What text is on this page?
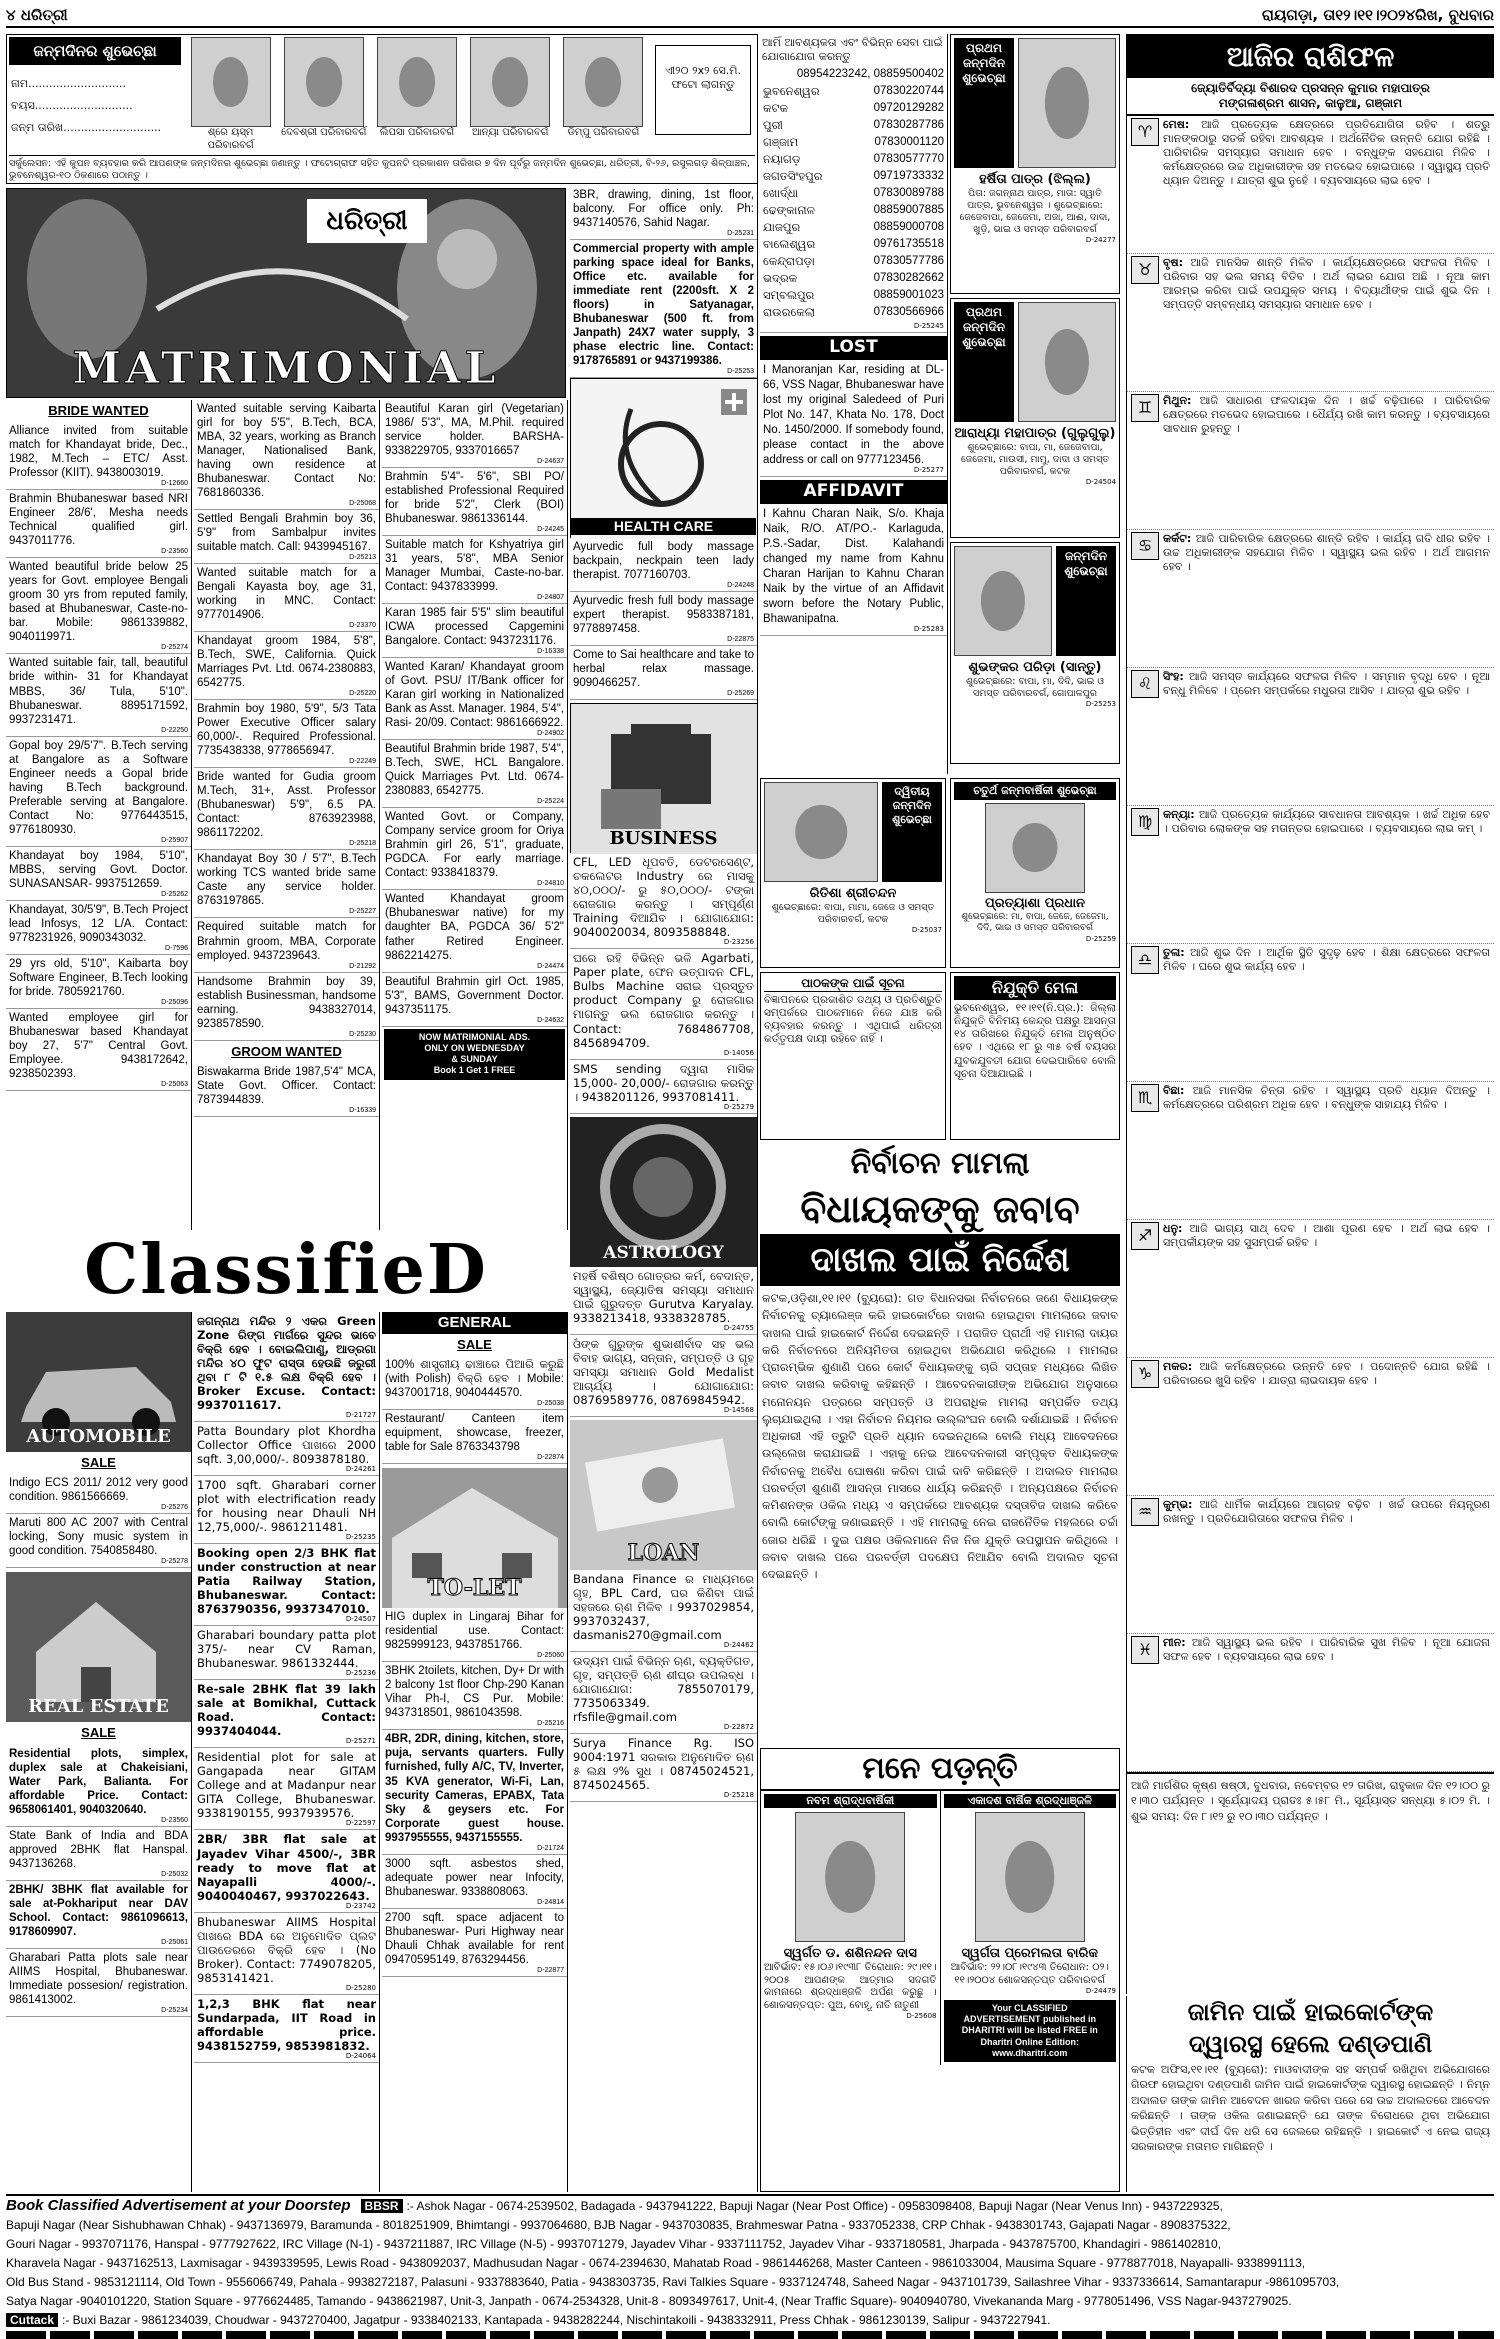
୪ ଧରିତ୍ରୀ	ରାୟଗଡ଼ା, ତା୧୨।୧୧।୨୦୨୪ରିଖ, ବୁଧବାର
ଜନ୍ମଦିନର ଶୁଭେଚ୍ଛା
ନାମ............................
ବୟସ............................
ଜନ୍ମ ତାରିଖ............................	ଶ୍ରେ ୟସ୍ମ ପରିବାରବର୍ଗ
ଦେବଶ୍ରୀ ପରିବାରବର୍ଗ ଲିପସା ପରିବାରବର୍ଗ ଆନ୍ୟା ପରିବାରବର୍ଗ ଡିମ୍ପୁ ପରିବାରବର୍ଗ
ଏୀ୨୦ ୨x୨ ସେ.ମି. ଫଟୋ ଲାଗନ୍ତୁ
ସର୍କୁଲେସନ: ଏହି କୁପନ ବ୍ୟବହାର କରି ଆପଣଙ୍କ ଜନ୍ମଦିନର ଶୁଭେଚ୍ଛା ଜଣାନ୍ତୁ । ଫଟୋଗ୍ରାଫ ସହିତ କୁପନଟି ପ୍ରକାଶନ ତାରିଖର ୭ ଦିନ ପୂର୍ବରୁ ଜନ୍ମଦିନ ଶୁଭେଚ୍ଛା, ଧରିତ୍ରୀ, ବି-୨୬, ରସୁଲଗଡ଼ ଶିଳ୍ପାଞ୍ଚଳ, ଭୁବନେଶ୍ୱର-୧୦ ଠିକଣାରେ ପଠାନ୍ତୁ ।
ଧରିତ୍ରୀ
MATRIMONIAL
BRIDE WANTED
Alliance invited from suitable match for Khandayat bride, Dec., 1982, M.Tech – ETC/ Asst. Professor (KIIT). 9438003019.
D-12660
Brahmin Bhubaneswar based NRI Engineer 28/6', Mesha needs Technical qualified girl. 9437011776.
D-23560
Wanted beautiful bride below 25 years for Govt. employee Bengali groom 30 yrs from reputed family, based at Bhubaneswar, Caste-no-bar. Mobile: 9861339882, 9040119971.
D-25274
Wanted suitable fair, tall, beautiful bride within- 31 for Khandayat MBBS, 36/ Tula, 5'10". Bhubaneswar. 8895171592, 9937231471.
D-22250
Gopal boy 29/5'7". B.Tech serving at Bangalore as a Software Engineer needs a Gopal bride having B.Tech background. Preferable serving at Bangalore. Contact No: 9776443515, 9776180930.
D-25907
Khandayat boy 1984, 5'10", MBBS, serving Govt. Doctor. SUNASANSAR- 9937512659.
D-25262
Khandayat, 30/5'9", B.Tech Project lead Infosys, 12 L/A. Contact: 9778231926, 9090343032.
D-7596
29 yrs old, 5'10", Kaibarta boy Software Engineer, B.Tech looking for bride. 7805921760.
D-25096
Wanted employee girl for Bhubaneswar based Khandayat boy 27, 5'7" Central Govt. Employee. 9438172642, 9238502393.
D-25063
Wanted suitable serving Kaibarta girl for boy 5'5", B.Tech, BCA, MBA, 32 years, working as Branch Manager, Nationalised Bank, having own residence at Bhubaneswar. Contact No: 7681860336.
D-25068
Settled Bengali Brahmin boy 36, 5'9" from Sambalpur invites suitable match. Call: 9439945167.
D-25213
Wanted suitable match for a Bengali Kayasta boy, age 31, working in MNC. Contact: 9777014906.
D-23370
Khandayat groom 1984, 5'8", B.Tech, SWE, California. Quick Marriages Pvt. Ltd. 0674-2380883, 6542775.
D-25220
Brahmin boy 1980, 5'9", 5/3 Tata Power Executive Officer salary 60,000/-. Required Professional. 7735438338, 9778656947.
D-22249
Bride wanted for Gudia groom M.Tech, 31+, Asst. Professor (Bhubaneswar) 5'9", 6.5 PA. Contact: 8763923988, 9861172202.
D-25218
Khandayat Boy 30 / 5'7", B.Tech working TCS wanted bride same Caste any service holder. 8763197865.
D-25227
Required suitable match for Brahmin groom, MBA, Corporate employed. 9437239643.
D-21292
Handsome Brahmin boy 39, establish Businessman, handsome earning. 9438327014, 9238578590.
D-25230
GROOM WANTED
Biswakarma Bride 1987,5'4" MCA, State Govt. Officer. Contact: 7873944839.
D-16339
Beautiful Karan girl (Vegetarian) 1986/ 5'3", MA, M.Phil. required service holder. BARSHA- 9338229705, 9337016657
D-24637
Brahmin 5'4"- 5'6", SBI PO/ established Professional Required for bride 5'2", Clerk (BOI) Bhubaneswar. 9861336144.
D-24245
Suitable match for Kshyatriya girl 31 years, 5'8", MBA Senior Manager Mumbai, Caste-no-bar. Contact: 9437833999.
D-24807
Karan 1985 fair 5'5" slim beautiful ICWA processed Capgemini Bangalore. Contact: 9437231176.
D-16338
Wanted Karan/ Khandayat groom of Govt. PSU/ IT/Bank officer for Karan girl working in Nationalized Bank as Asst. Manager. 1984, 5'4", Rasi- 20/09. Contact: 9861666922.
D-24902
Beautiful Brahmin bride 1987, 5'4", B.Tech, SWE, HCL Bangalore. Quick Marriages Pvt. Ltd. 0674-2380883, 6542775.
D-25224
Wanted Govt. or Company, Company service groom for Oriya Brahmin girl 26, 5'1", graduate, PGDCA. For early marriage. Contact: 9338418379.
D-24810
Wanted Khandayat groom (Bhubaneswar native) for my daughter BA, PGDCA 36/ 5'2" father Retired Engineer. 9862214275.
D-24474
Beautiful Brahmin girl Oct. 1985, 5'3", BAMS, Government Doctor. 9437351175.
D-24632
NOW MATRIMONIAL ADS.
ONLY ON WEDNESDAY
& SUNDAY
Book 1 Get 1 FREE
ClassifieD
AUTOMOBILE
SALE
Indigo ECS 2011/ 2012 very good condition. 9861566669.
D-25276
Maruti 800 AC 2007 with Central locking, Sony music system in good condition. 7540858480.
D-25278
REAL ESTATE
SALE
Residential plots, simplex, duplex sale at Chakeisiani, Water Park, Balianta. For affordable Price. Contact: 9658061401, 9040320640.
D-23560
State Bank of India and BDA approved 2BHK flat Hanspal. 9437136268.
D-25032
2BHK/ 3BHK flat available for sale at-Pokhariput near DAV School. Contact: 9861096613, 9178609907.
D-25061
Gharabari Patta plots sale near AIIMS Hospital, Bhubaneswar. Immediate possesion/ registration. 9861413002.
D-25234
ଜଗନ୍ନାଥ ମନ୍ଦିର ୨ ଏକର Green Zone ରିଙ୍ଗ ମାର୍ଗରେ ସୁନ୍ଦର ଭାବେ ବିକ୍ରି ହେବ । ବୋଇଲିପାଣୁ, ଆଡ୍ରଗା ମନ୍ଦିର ୪୦ ଫୁଟ ରାସ୍ତା ହେଉଛି ଜରୁରୀ ଥିବା ୮ ଟି ୧.୫ ଲକ୍ଷ ବିକ୍ରି ହେବ । Broker Excuse. Contact: 9937011617.
D-21727
Patta Boundary plot Khordha Collector Office ପାଖରେ 2000 sqft. 3,00,000/-. 8093878180.
D-24261
1700 sqft. Gharabari corner plot with electrification ready for housing near Dhauli NH 12,75,000/-. 9861211481.
D-25235
Booking open 2/3 BHK flat under construction at near Patia Railway Station, Bhubaneswar. Contact: 8763790356, 9937347010.
D-24507
Gharabari boundary patta plot 375/- near CV Raman, Bhubaneswar. 9861332444.
D-25236
Re-sale 2BHK flat 39 lakh sale at Bomikhal, Cuttack Road. Contact: 9937404044.
D-25271
Residential plot for sale at Gangapada near GITAM College and at Madanpur near GITA College, Bhubaneswar. 9338190155, 9937939576.
D-22597
2BR/ 3BR flat sale at Jayadev Vihar 4500/-, 3BR ready to move flat at Nayapalli 4000/-. 9040040467, 9937022643.
D-23742
Bhubaneswar AIIMS Hospital ପାଖରେ BDA ରେ ଅନୁମୋଦିତ ପ୍ଲଟ ପାଉଡେରରେ ବିକ୍ରି ହେବ । (No Broker). Contact: 7749078205, 9853141421.
D-25280
1,2,3 BHK flat near Sundarpada, IIT Road in affordable price. 9438152759, 9853981832.
D-24064
GENERAL
SALE
100% ଶାସ୍ତ୍ରୀୟ ଢାଞ୍ଚାରେ ପିଆରି କରୁଛି (with Polish) ବିକ୍ରି ହେବ । Mobile: 9437001718, 9040444570.
D-25038
Restaurant/ Canteen item equipment, showcase, freezer, table for Sale 8763343798
D-22874
TO-LET
HIG duplex in Lingaraj Bihar for residential use. Contact: 9825999123, 9437851766.
D-25060
3BHK 2toilets, kitchen, Dy+ Dr with 2 balcony 1st floor Chp-290 Kanan Vihar Ph-I, CS Pur. Mobile: 9437318501, 9861043598.
D-25216
4BR, 2DR, dining, kitchen, store, puja, servants quarters. Fully furnished, fully A/C, TV, Inverter, 35 KVA generator, Wi-Fi, Lan, security Cameras, EPABX, Tata Sky & geysers etc. For Corporate guest house. 9937955555, 9437155555.
D-21724
3000 sqft. asbestos shed, adequate power near Infocity, Bhubaneswar. 9338808063.
D-24814
2700 sqft. space adjacent to Bhubaneswar- Puri Highway near Dhauli Chhak available for rent 09470595149, 8763294456.
D-22877
3BR, drawing, dining, 1st floor, balcony. For office only. Ph: 9437140576, Sahid Nagar.
D-25231
Commercial property with ample parking space ideal for Banks, Office etc. available for immediate rent (2200sft. X 2 floors) in Satyanagar, Bhubaneswar (500 ft. from Janpath) 24X7 water supply, 3 phase electric line. Contact: 9178765891 or 9437199386.
D-25253
HEALTH CARE
Ayurvedic full body massage backpain, neckpain teen lady therapist. 7077160703.
D-24248
Ayurvedic fresh full body massage expert therapist. 9583387181, 9778897458.
D-22875
Come to Sai healthcare and take to herbal relax massage. 9090466257.
D-25269
BUSINESS
CFL, LED ଧୂପବତି, ଡେଟରସେଣ୍ଟ, ଚକଲେଟର Industry ରେ ମାସକୁ ୪୦,୦୦୦/- ରୁ ୫୦,୦୦୦/- ଟଙ୍କା ରୋଜଗାର କରନ୍ତୁ । ସମ୍ପୂର୍ଣ୍ଣ Training ଦିଆଯିବ । ଯୋଗାଯୋଗ: 9040020034, 8093588848.
D-23256
ଘରେ ରହି ବିଭିନ୍ନ ଭଳି Agarbati, Paper plate, ଫେନ ଉତ୍ପାଦନ CFL, Bulbs Machine ସରାଇ ପ୍ରସ୍ତୁତ product Company ରୁ ରୋଜଗାର ମାଗନ୍ତୁ ଭଲ ରୋଜଗାର କରନ୍ତୁ । Contact: 7684867708, 8456894709.
D-14056
SMS sending ଦ୍ୱାରା ମାସିକ 15,000- 20,000/- ରୋଜଗାର କରନ୍ତୁ । 9438201126, 9937081411.
D-25279
ASTROLOGY
ମହର୍ଷି ବଶିଷ୍ଠ ଗୋତ୍ରର କର୍ମ, ବେଦାନ୍ତ, ସ୍ୱାସ୍ଥ୍ୟ, ଜ୍ୟୋତିଷ ସମସ୍ୟା ସମାଧାନ ପାଇଁ ଗୁରୁଦତ୍ତ Gurutva Karyalay. 9338213418, 9338328785.
D-24755
ଓଁଙ୍କ ଗୁରୁଙ୍କ ଶୁଭାଶୀର୍ବାଦ ସହ ଭଲ ବିବାହ ଭାଗ୍ୟ, ସନ୍ତାନ, ସମ୍ପତ୍ତି ଓ ଗୃହ ସମସ୍ୟା ସମାଧାନ Gold Medalist ଆଚାର୍ଯ୍ୟ । ଯୋଗାଯୋଗ: 08769589776, 08769845942.
D-14568
LOAN
Bandana Finance ର ମାଧ୍ୟମରେ ଗୃହ, BPL Card, ଘର କିଣିବା ପାଇଁ ସହଜରେ ଋଣ ମିଳିବ । 9937029854, 9937032437, dasmanis270@gmail.com
D-24462
ଉଦ୍ୟମ ପାଇଁ ବିଭିନ୍ନ ଋଣ, ବ୍ୟକ୍ତିଗତ, ଗୃହ, ସମ୍ପତ୍ତି ଋଣ ଶୀଘ୍ର ଉପଲବ୍ଧ । ଯୋଗାଯୋଗ: 7855070179, 7735063349. rfsfile@gmail.com
D-22872
Surya Finance Rg. ISO 9004:1971 ସରକାର ଅନୁମୋଦିତ ଋଣ ୫ ଲକ୍ଷ ୨% ସୁଧ । 08745024521, 8745024565.
D-25218
ଆମିଁ ଆବଶ୍ୟକତା ଏବଂ ବିଭିନ୍ନ ସେବା ପାଇଁ ଯୋଗାଯୋଗ କରନ୍ତୁ
08954223242, 08859500402
ଭୁବନେଶ୍ୱର	07830220744
କଟକ	09720129282
ପୁରୀ	07830287786
ଗଞ୍ଜାମ	07830001120
ନୟାଗଡ଼	07830577770
ଜଗତସିଂହପୁର	09719733332
ଖୋର୍ଦ୍ଧା	07830089788
ଢେଙ୍କାନାଳ	08859007885
ଯାଜପୁର	08859000708
ବାଲେଶ୍ୱର	09761735518
କେନ୍ଦ୍ରାପଡ଼ା	07830577786
ଭଦ୍ରକ	07830282662
ସମ୍ବଲପୁର	08859001023
ରାଉରକେଲା	07830566966
D-25245
LOST
I Manoranjan Kar, residing at DL-66, VSS Nagar, Bhubaneswar have lost my original Saledeed of Puri Plot No. 147, Khata No. 178, Doct No. 1450/2000. If somebody found, please contact in the above address or call on 9777123456.
D-25277
AFFIDAVIT
I Kahnu Charan Naik, S/o. Khaja Naik, R/O. AT/PO.- Karlaguda, P.S.-Sadar, Dist. Kalahandi changed my name from Kahnu Charan Harijan to Kahnu Charan Naik by the virtue of an Affidavit sworn before the Notary Public, Bhawanipatna.
D-25283
ପ୍ରଥମ ଜନ୍ମଦିନ ଶୁଭେଚ୍ଛା
ହର୍ଷିତା ପାତ୍ର (ଝିଲ୍ଲ)
ପିତା: ଜଗନ୍ନାଥ ପାତ୍ର, ମାତା: ସ୍ୱାତି ପାତ୍ର, ଭୁବନେଶ୍ୱର । ଶୁଭେଚ୍ଛାରେ: ଜେଜେବାପା, ଜେଜେମା, ଅଜା, ଆଈ, ଦାଦା, ଖୁଡ଼ି, ଭାଇ ଓ ସମସ୍ତ ପରିବାରବର୍ଗ
D-24277
ପ୍ରଥମ ଜନ୍ମଦିନ ଶୁଭେଚ୍ଛା
ଆରାଧ୍ୟା ମହାପାତ୍ର (ଗୁଲୁଗୁଲୁ)
ଶୁଭେଚ୍ଛାରେ: ବାପା, ମା, ଜେଜେବାପା, ଜେଜେମା, ମାଉସୀ, ମାମୁ, ଦାଦା ଓ ସମସ୍ତ ପରିବାରବର୍ଗ, କଟକ
D-24504
ଜନ୍ମଦିନ ଶୁଭେଚ୍ଛା
ଶୁଭଙ୍କର ପରିଡ଼ା (ସାନ୍ତୁ)
ଶୁଭେଚ୍ଛାରେ: ବାପା, ମା, ଦିଦି, ଭାଇ ଓ ସମସ୍ତ ପରିବାରବର୍ଗ, ଗୋପାଳପୁର
D-25253
ଦ୍ୱିତୀୟ ଜନ୍ମଦିନ ଶୁଭେଚ୍ଛା
ରିତିଶା ଶ୍ରୀଚନ୍ଦନ
ଶୁଭେଚ୍ଛାରେ: ବାପା, ମାମା, ଜେଜେ ଓ ସମସ୍ତ ପରିବାରବର୍ଗ, କଟକ
D-25037
ଚତୁର୍ଥ ଜନ୍ମବାର୍ଷିକୀ ଶୁଭେଚ୍ଛା
ପ୍ରତ୍ୟାଶା ପ୍ରଧାନ
ଶୁଭେଚ୍ଛାରେ: ମା, ବାପା, ଜେଜେ, ଜେଜେମା, ଦିଦି, ଭାଇ ଓ ସମସ୍ତ ପରିବାରବର୍ଗ
D-25259
ପାଠକଙ୍କ ପାଇଁ ସୂଚନା
ବିଜ୍ଞାପନରେ ପ୍ରକାଶିତ ତଥ୍ୟ ଓ ପ୍ରତିଶ୍ରୁତି ସମ୍ପର୍କରେ ପାଠକମାନେ ନିଜେ ଯାଞ୍ଚ କରି ବ୍ୟବହାର କରନ୍ତୁ । ଏଥିପାଇଁ ଧରିତ୍ରୀ କର୍ତ୍ତୃପକ୍ଷ ଦାୟୀ ରହିବେ ନାହିଁ ।
ନିଯୁକ୍ତି ମେଳା
ଭୁବନେଶ୍ୱର, ୧୧।୧୧(ନି.ପ୍ର.): ଜିଲ୍ଲା ନିଯୁକ୍ତି ବିନିମୟ କେନ୍ଦ୍ର ପକ୍ଷରୁ ଆସନ୍ତା ୧୪ ତାରିଖରେ ନିଯୁକ୍ତି ମେଳା ଅନୁଷ୍ଠିତ ହେବ । ଏଥିରେ ୧୮ ରୁ ୩୫ ବର୍ଷ ବୟସର ଯୁବକଯୁବତୀ ଯୋଗ ଦେଇପାରିବେ ବୋଲି ସୂଚନା ଦିଆଯାଇଛି ।
ନିର୍ବାଚନ ମାମଲା
ବିଧାୟକଙ୍କୁ ଜବାବ
ଦାଖଲ ପାଇଁ ନିର୍ଦ୍ଦେଶ
କଟକ,ଓଡ଼ିଶା,୧୧।୧୧ (ବ୍ୟୁରୋ): ଗତ ବିଧାନସଭା ନିର୍ବାଚନରେ ଜଣେ ବିଧାୟକଙ୍କ ନିର୍ବାଚନକୁ ଚ୍ୟାଲେଞ୍ଜ କରି ହାଇକୋର୍ଟରେ ଦାଖଲ ହୋଇଥିବା ମାମଲାରେ ଜବାବ ଦାଖଲ ପାଇଁ ହାଇକୋର୍ଟ ନିର୍ଦ୍ଦେଶ ଦେଇଛନ୍ତି । ପରାଜିତ ପ୍ରାର୍ଥୀ ଏହି ମାମଲା ଦାୟର କରି ନିର୍ବାଚନରେ ଅନିୟମିତତା ହୋଇଥିବା ଅଭିଯୋଗ କରିଥିଲେ । ମାମଲାର ପ୍ରାରମ୍ଭିକ ଶୁଣାଣି ପରେ କୋର୍ଟ ବିଧାୟକଙ୍କୁ ଚାରି ସପ୍ତାହ ମଧ୍ୟରେ ଲିଖିତ ଜବାବ ଦାଖଲ କରିବାକୁ କହିଛନ୍ତି । ଆବେଦନକାରୀଙ୍କ ଅଭିଯୋଗ ଅନୁସାରେ ମନୋନୟନ ପତ୍ରରେ ସମ୍ପତ୍ତି ଓ ଅପରାଧିକ ମାମଲା ସମ୍ପର୍କିତ ତଥ୍ୟ ଲୁଚାଯାଇଥିଲା । ଏହା ନିର୍ବାଚନ ନିୟମର ଉଲ୍ଲଂଘନ ବୋଲି ଦର୍ଶାଯାଇଛି । ନିର୍ବାଚନ ଅଧିକାରୀ ଏହି ତ୍ରୁଟି ପ୍ରତି ଧ୍ୟାନ ଦେଇନଥିଲେ ବୋଲି ମଧ୍ୟ ଆବେଦନରେ ଉଲ୍ଲେଖ କରାଯାଇଛି । ଏହାକୁ ନେଇ ଆବେଦନକାରୀ ସମ୍ପୃକ୍ତ ବିଧାୟକଙ୍କ ନିର୍ବାଚନକୁ ଅବୈଧ ଘୋଷଣା କରିବା ପାଇଁ ଦାବି କରିଛନ୍ତି । ଅଦାଲତ ମାମଲାର ପରବର୍ତ୍ତୀ ଶୁଣାଣି ଆସନ୍ତା ମାସରେ ଧାର୍ଯ୍ୟ କରିଛନ୍ତି । ଅନ୍ୟପକ୍ଷରେ ନିର୍ବାଚନ କମିଶନଙ୍କ ଓକିଲ ମଧ୍ୟ ଏ ସମ୍ପର୍କରେ ଆବଶ୍ୟକ ଦସ୍ତାବିଜ ଦାଖଲ କରିବେ ବୋଲି କୋର୍ଟଙ୍କୁ ଜଣାଇଛନ୍ତି । ଏହି ମାମଲାକୁ ନେଇ ରାଜନୈତିକ ମହଲରେ ଚର୍ଚ୍ଚା ଜୋର ଧରିଛି । ଦୁଇ ପକ୍ଷର ଓକିଲମାନେ ନିଜ ନିଜ ଯୁକ୍ତି ଉପସ୍ଥାପନ କରିଥିଲେ । ଜବାବ ଦାଖଲ ପରେ ପରବର୍ତ୍ତୀ ପଦକ୍ଷେପ ନିଆଯିବ ବୋଲି ଅଦାଲତ ସୂଚନା ଦେଇଛନ୍ତି ।
ମନେ ପଡ଼ନ୍ତି
ନବମ ଶ୍ରାଦ୍ଧବାର୍ଷିକୀ
ସ୍ୱର୍ଗତ ଡ. ଶଶିନନ୍ଦନ ଦାସ
ଆବିର୍ଭାବ: ୧୫।୦୬।୧୯୩୮ ତିରୋଧାନ: ୨୯।୧୧।୨୦୦୫ ଆପଣଙ୍କ ଆତ୍ମାର ସଦଗତି କାମନାରେ ଶ୍ରଦ୍ଧାଞ୍ଜଳି ଅର୍ପଣ କରୁଛୁ । ଶୋକସନ୍ତପ୍ତ: ପୁଅ, ବୋହୂ, ନାତି ନାତୁଣୀ
D-25608
ଏକାଦଶ ବାର୍ଷିକ ଶ୍ରଦ୍ଧାଞ୍ଜଳି
ସ୍ୱର୍ଗତା ପ୍ରେମଲତା ବାରିକ
ଆବିର୍ଭାବ: ୨୨।୦୮।୧୯୪୩ ତିରୋଧାନ: ୦୨।୧୧।୨୦୦୪ ଶୋକସନ୍ତପ୍ତ ପରିବାରବର୍ଗ
D-24479
Your CLASSIFIED
ADVERTISEMENT published in
DHARITRI will be listed FREE in
Dharitri Online Edition:
www.dharitri.com
ଆଜିର ରାଶିଫଳ
ଜ୍ୟୋତିର୍ବିଦ୍ୟା ବିଶାରଦ ପ୍ରସନ୍ନ କୁମାର ମହାପାତ୍ର
ମଙ୍ଗଳାଶ୍ରମ ଶାସନ, କାଳୁଆ, ଗଞ୍ଜାମ
♈ ମେଷ: ଆଜି ପ୍ରତ୍ୟେକ କ୍ଷେତ୍ରରେ ପ୍ରତିଯୋଗିତା ରହିବ । ଶତ୍ରୁ ମାନଙ୍କଠାରୁ ସତର୍କ ରହିବା ଆବଶ୍ୟକ । ଅର୍ଥନୈତିକ ଉନ୍ନତି ଯୋଗ ରହିଛି । ପାରିବାରିକ ସମସ୍ୟାର ସମାଧାନ ହେବ । ବନ୍ଧୁଙ୍କ ସହଯୋଗ ମିଳିବ । କର୍ମକ୍ଷେତ୍ରରେ ଉଚ୍ଚ ଅଧିକାରୀଙ୍କ ସହ ମତଭେଦ ହୋଇପାରେ । ସ୍ୱାସ୍ଥ୍ୟ ପ୍ରତି ଧ୍ୟାନ ଦିଅନ୍ତୁ । ଯାତ୍ରା ଶୁଭ ନୁହେଁ । ବ୍ୟବସାୟରେ ଲାଭ ହେବ ।
♉ ବୃଷ: ଆଜି ମାନସିକ ଶାନ୍ତି ମିଳିବ । କାର୍ଯ୍ୟକ୍ଷେତ୍ରରେ ସଫଳତା ମିଳିବ । ପରିବାର ସହ ଭଲ ସମୟ ବିତିବ । ଅର୍ଥ ଲାଭର ଯୋଗ ଅଛି । ନୂଆ କାମ ଆରମ୍ଭ କରିବା ପାଇଁ ଉପଯୁକ୍ତ ସମୟ । ବିଦ୍ୟାର୍ଥୀଙ୍କ ପାଇଁ ଶୁଭ ଦିନ । ସମ୍ପତ୍ତି ସମ୍ବନ୍ଧୀୟ ସମସ୍ୟାର ସମାଧାନ ହେବ ।
♊ ମିଥୁନ: ଆଜି ସାଧାରଣ ଫଳଦାୟକ ଦିନ । ଖର୍ଚ୍ଚ ବଢ଼ିପାରେ । ପାରିବାରିକ କ୍ଷେତ୍ରରେ ମତଭେଦ ହୋଇପାରେ । ଧୈର୍ଯ୍ୟ ରଖି କାମ କରନ୍ତୁ । ବ୍ୟବସାୟରେ ସାବଧାନ ରୁହନ୍ତୁ ।
♋ କର୍କଟ: ଆଜି ପାରିବାରିକ କ୍ଷେତ୍ରରେ ଶାନ୍ତି ରହିବ । କାର୍ଯ୍ୟ ଗତି ଧୀର ରହିବ । ଉଚ୍ଚ ଅଧିକାରୀଙ୍କ ସହଯୋଗ ମିଳିବ । ସ୍ୱାସ୍ଥ୍ୟ ଭଲ ରହିବ । ଅର୍ଥ ଆଗମନ ହେବ ।
♌ ସିଂହ: ଆଜି ସମସ୍ତ କାର୍ଯ୍ୟରେ ସଫଳତା ମିଳିବ । ସମ୍ମାନ ବୃଦ୍ଧି ହେବ । ନୂଆ ବନ୍ଧୁ ମିଳିବେ । ପ୍ରେମ ସମ୍ପର୍କରେ ମଧୁରତା ଆସିବ । ଯାତ୍ରା ଶୁଭ ରହିବ ।
♍ କନ୍ୟା: ଆଜି ପ୍ରତ୍ୟେକ କାର୍ଯ୍ୟରେ ସାବଧାନତା ଆବଶ୍ୟକ । ଖର୍ଚ୍ଚ ଅଧିକ ହେବ । ପରିବାର ଲୋକଙ୍କ ସହ ମତାନ୍ତର ହୋଇପାରେ । ବ୍ୟବସାୟରେ ଲାଭ କମ୍ ।
♎ ତୁଳା: ଆଜି ଶୁଭ ଦିନ । ଆର୍ଥିକ ସ୍ଥିତି ସୁଦୃଢ଼ ହେବ । ଶିକ୍ଷା କ୍ଷେତ୍ରରେ ସଫଳତା ମିଳିବ । ଘରେ ଶୁଭ କାର୍ଯ୍ୟ ହେବ ।
♏ ବିଛା: ଆଜି ମାନସିକ ଚିନ୍ତା ରହିବ । ସ୍ୱାସ୍ଥ୍ୟ ପ୍ରତି ଧ୍ୟାନ ଦିଅନ୍ତୁ । କର୍ମକ୍ଷେତ୍ରରେ ପରିଶ୍ରମ ଅଧିକ ହେବ । ବନ୍ଧୁଙ୍କ ସାହାଯ୍ୟ ମିଳିବ ।
♐ ଧନୁ: ଆଜି ଭାଗ୍ୟ ସାଥ୍ ଦେବ । ଆଶା ପୂରଣ ହେବ । ଅର୍ଥ ଲାଭ ହେବ । ସମ୍ପର୍କୀୟଙ୍କ ସହ ସୁସମ୍ପର୍କ ରହିବ ।
♑ ମକର: ଆଜି କର୍ମକ୍ଷେତ୍ରରେ ଉନ୍ନତି ହେବ । ପଦୋନ୍ନତି ଯୋଗ ରହିଛି । ପରିବାରରେ ଖୁସି ରହିବ । ଯାତ୍ରା ଲାଭଦାୟକ ହେବ ।
♒ କୁମ୍ଭ: ଆଜି ଧାର୍ମିକ କାର୍ଯ୍ୟରେ ଆଗ୍ରହ ବଢ଼ିବ । ଖର୍ଚ୍ଚ ଉପରେ ନିୟନ୍ତ୍ରଣ ରଖନ୍ତୁ । ପ୍ରତିଯୋଗିତାରେ ସଫଳତା ମିଳିବ ।
♓ ମୀନ: ଆଜି ସ୍ୱାସ୍ଥ୍ୟ ଭଲ ରହିବ । ପାରିବାରିକ ସୁଖ ମିଳିବ । ନୂଆ ଯୋଜନା ସଫଳ ହେବ । ବ୍ୟବସାୟରେ ଲାଭ ହେବ ।
ଆଜି ମାର୍ଗଶିର କୃଷ୍ଣ ଷଷ୍ଠୀ, ବୁଧବାର, ନବେମ୍ବର ୧୨ ତାରିଖ, ରାହୁକାଳ ଦିନ ୧୨।୦୦ ରୁ ୧।୩୦ ପର୍ଯ୍ୟନ୍ତ । ସୂର୍ଯ୍ୟୋଦୟ ପ୍ରାତଃ ୫।୫୮ ମି., ସୂର୍ଯ୍ୟାସ୍ତ ସନ୍ଧ୍ୟା ୫।୦୨ ମି. । ଶୁଭ ସମୟ: ଦିନ ୮।୧୨ ରୁ ୧୦।୩୦ ପର୍ଯ୍ୟନ୍ତ ।
ଜାମିନ ପାଇଁ ହାଇକୋର୍ଟଙ୍କ
ଦ୍ୱାରସ୍ଥ ହେଲେ ଦଣ୍ଡପାଣି
କଟକ ଅଫିସ,୧୧।୧୧ (ବ୍ୟୁରୋ): ମାଓବାଦୀଙ୍କ ସହ ସମ୍ପର୍କ ରଖିଥିବା ଅଭିଯୋଗରେ ଗିରଫ ହୋଇଥିବା ଦଣ୍ଡପାଣି ଜାମିନ ପାଇଁ ହାଇକୋର୍ଟଙ୍କ ଦ୍ୱାରସ୍ଥ ହୋଇଛନ୍ତି । ନିମ୍ନ ଅଦାଲତ ତାଙ୍କ ଜାମିନ ଆବେଦନ ଖାରଜ କରିବା ପରେ ସେ ଉଚ୍ଚ ଅଦାଲତରେ ଆବେଦନ କରିଛନ୍ତି । ତାଙ୍କ ଓକିଲ ଜଣାଇଛନ୍ତି ଯେ ତାଙ୍କ ବିରୋଧରେ ଥିବା ଅଭିଯୋଗ ଭିତ୍ତିହୀନ ଏବଂ ଦୀର୍ଘ ଦିନ ଧରି ସେ ଜେଲରେ ରହିଛନ୍ତି । ହାଇକୋର୍ଟ ଏ ନେଇ ରାଜ୍ୟ ସରକାରଙ୍କ ମତାମତ ମାଗିଛନ୍ତି ।
Book Classified Advertisement at your Doorstep BBSR :- Ashok Nagar - 0674-2539502, Badagada - 9437941222, Bapuji Nagar (Near Post Office) - 09583098408, Bapuji Nagar (Near Venus Inn) - 9437229325,
Bapuji Nagar (Near Sishubhawan Chhak) - 9437136979, Baramunda - 8018251909, Bhimtangi - 9937064680, BJB Nagar - 9437030835, Brahmeswar Patna - 9337052338, CRP Chhak - 9438301743, Gajapati Nagar - 8908375322,
Gouri Nagar - 9937071176, Hanspal - 9777927622, IRC Village (N-1) - 9437211887, IRC Village (N-5) - 9937071279, Jayadev Vihar - 9337111752, Jayadev Vihar - 9337180581, Jharpada - 9437875700, Khandagiri - 9861402810,
Kharavela Nagar - 9437162513, Laxmisagar - 9439339595, Lewis Road - 9438092037, Madhusudan Nagar - 0674-2394630, Mahatab Road - 9861446268, Master Canteen - 9861033004, Mausima Square - 9778877018, Nayapalli- 9338991113,
Old Bus Stand - 9853121114, Old Town - 9556066749, Pahala - 9938272187, Palasuni - 9337883640, Patia - 9438303735, Ravi Talkies Square - 9337124748, Saheed Nagar - 9437101739, Sailashree Vihar - 9337336614, Samantarapur -9861095703,
Satya Nagar -9040101220, Station Square - 9776624485, Tamando - 9438621987, Unit-3, Janpath - 0674-2534328, Unit-8 - 8093497617, Unit-4, (Near Traffic Square)- 9040940780, Vivekananda Marg - 9778051496, VSS Nagar-9437279025.
Cuttack :- Buxi Bazar - 9861234039, Choudwar - 9437270400, Jagatpur - 9338402133, Kantapada - 9438282244, Nischintakoili - 9438332911, Press Chhak - 9861230139, Salipur - 9437227941.
